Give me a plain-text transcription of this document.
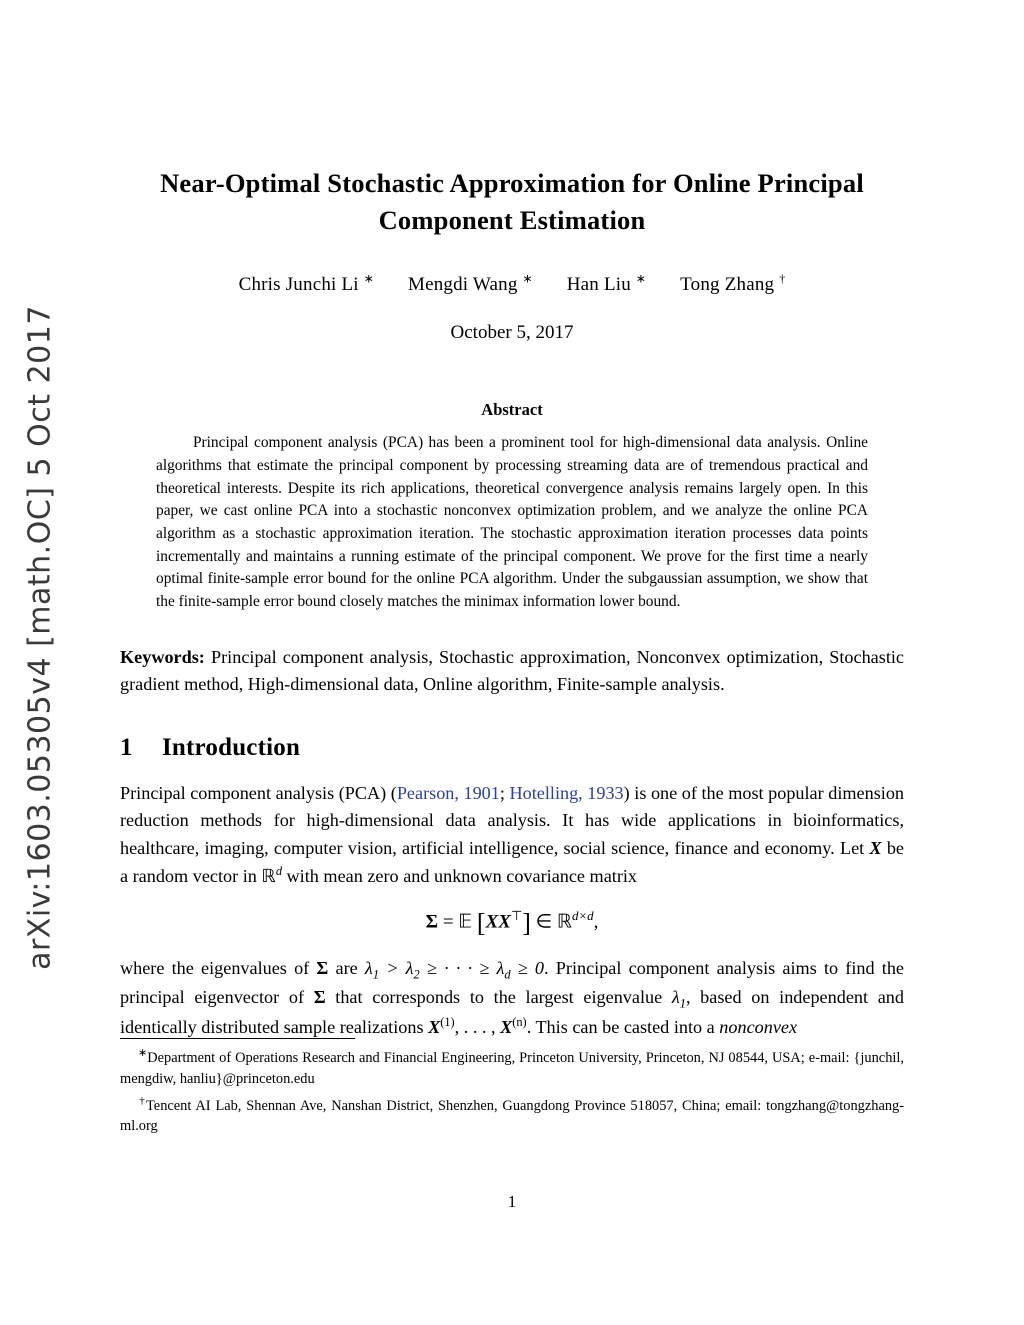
arXiv:1603.05305v4 [math.OC] 5 Oct 2017
Near-Optimal Stochastic Approximation for Online Principal Component Estimation
Chris Junchi Li ∗ Mengdi Wang ∗ Han Liu ∗ Tong Zhang †
October 5, 2017
Abstract
Principal component analysis (PCA) has been a prominent tool for high-dimensional data analysis. Online algorithms that estimate the principal component by processing streaming data are of tremendous practical and theoretical interests. Despite its rich applications, theoretical convergence analysis remains largely open. In this paper, we cast online PCA into a stochastic nonconvex optimization problem, and we analyze the online PCA algorithm as a stochastic approximation iteration. The stochastic approximation iteration processes data points incrementally and maintains a running estimate of the principal component. We prove for the first time a nearly optimal finite-sample error bound for the online PCA algorithm. Under the subgaussian assumption, we show that the finite-sample error bound closely matches the minimax information lower bound.
Keywords: Principal component analysis, Stochastic approximation, Nonconvex optimization, Stochastic gradient method, High-dimensional data, Online algorithm, Finite-sample analysis.
1 Introduction

Principal component analysis (PCA) (Pearson, 1901; Hotelling, 1933) is one of the most popular dimension reduction methods for high-dimensional data analysis. It has wide applications in bioinformatics, healthcare, imaging, computer vision, artificial intelligence, social science, finance and economy. Let X be a random vector in ℝ$^d$ with mean zero and unknown covariance matrix

Σ = 𝔼 [XX⊤] ∈ ℝ$^{d\times d}$,

where the eigenvalues of Σ are $\lambda_1 > \lambda_2$ ≥ · · · ≥ $\lambda_d \ge 0$. Principal component analysis aims to find the principal eigenvector of Σ that corresponds to the largest eigenvalue $\lambda_1$, based on independent and identically distributed sample realizations $X^{(1)}$, . . . , $X^{(n)}$. This can be casted into a nonconvex

∗Department of Operations Research and Financial Engineering, Princeton University, Princeton, NJ 08544, USA; e-mail: {junchil, mengdiw, hanliu}@princeton.edu

†Tencent AI Lab, Shennan Ave, Nanshan District, Shenzhen, Guangdong Province 518057, China; email: tongzhang@tongzhang-ml.org

1
